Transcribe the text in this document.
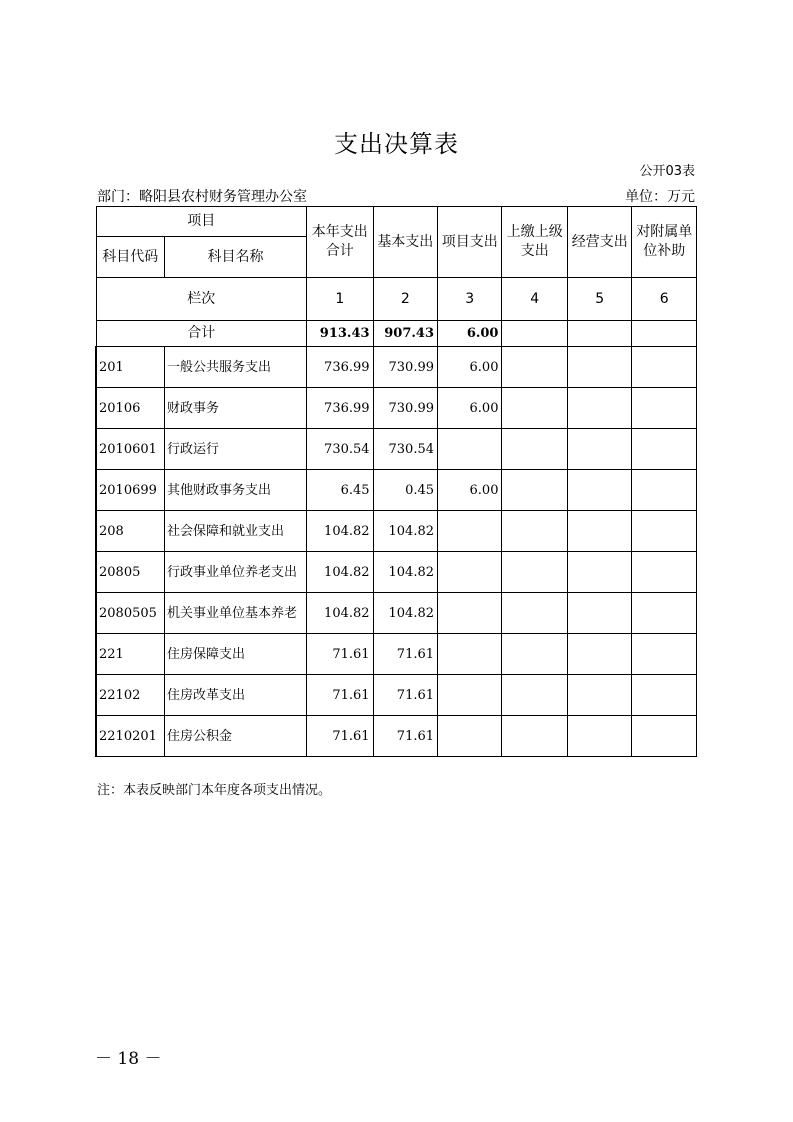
支出决算表
公开03表
部门：略阳县农村财务管理办公室	单位：万元
项目		本年支出合计	基本支出	项目支出	上缴上级支出	经营支出	对附属单位补助
科目代码	科目名称						
栏次		1	2	3	4	5	6
合计		913.43	907.43	6.00			
201	一般公共服务支出	736.99	730.99	6.00			
20106	财政事务	736.99	730.99	6.00			
2010601	行政运行	730.54	730.54				
2010699	其他财政事务支出	6.45	0.45	6.00			
208	社会保障和就业支出	104.82	104.82				
20805	行政事业单位养老支出	104.82	104.82				
2080505	机关事业单位基本养老	104.82	104.82				
221	住房保障支出	71.61	71.61				
22102	住房改革支出	71.61	71.61				
2210201	住房公积金	71.61	71.61				
注：本表反映部门本年度各项支出情况。
－ 18 －
